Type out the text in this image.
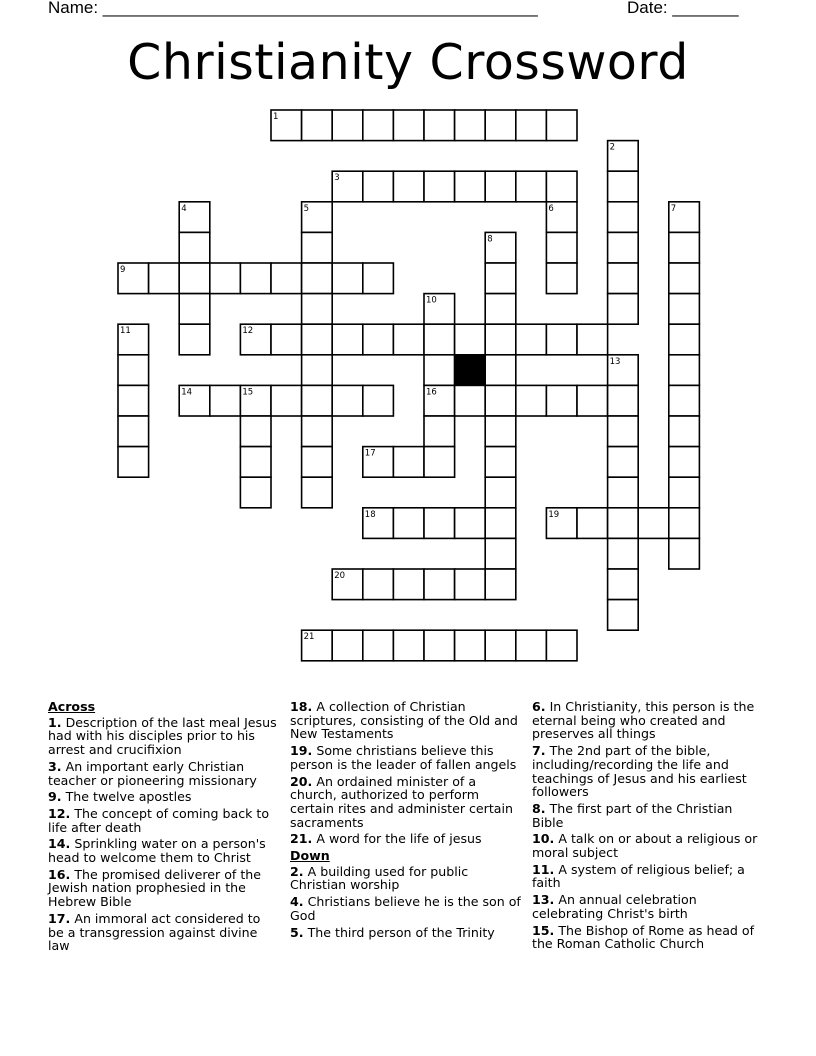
Name: ______________________________________________	Date: _______
Christianity Crossword
1
2
3
4	5	6	7
8
9
10
11	12
13
14	15	16
17
18	19
20
21
Across
1. Description of the last meal Jesus had with his disciples prior to his arrest and crucifixion
3. An important early Christian teacher or pioneering missionary
9. The twelve apostles
12. The concept of coming back to life after death
14. Sprinkling water on a person's head to welcome them to Christ
16. The promised deliverer of the Jewish nation prophesied in the Hebrew Bible
17. An immoral act considered to be a transgression against divine law
18. A collection of Christian scriptures, consisting of the Old and New Testaments
19. Some christians believe this person is the leader of fallen angels
20. An ordained minister of a church, authorized to perform certain rites and administer certain sacraments
21. A word for the life of jesus
Down
2. A building used for public Christian worship
4. Christians believe he is the son of God
5. The third person of the Trinity
6. In Christianity, this person is the eternal being who created and preserves all things
7. The 2nd part of the bible, including/recording the life and teachings of Jesus and his earliest followers
8. The first part of the Christian Bible
10. A talk on or about a religious or moral subject
11. A system of religious belief; a faith
13. An annual celebration celebrating Christ's birth
15. The Bishop of Rome as head of the Roman Catholic Church
